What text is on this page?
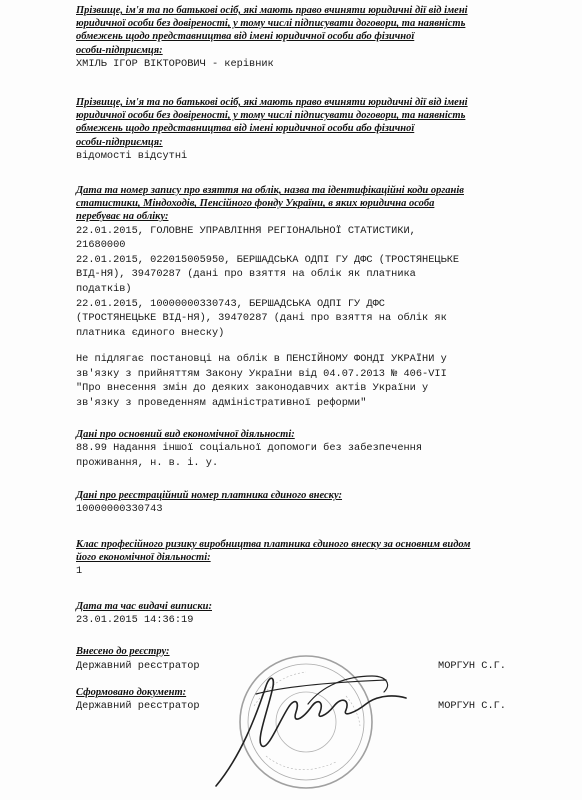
Прізвище, ім'я та по батькові осіб, які мають право вчиняти юридичні дії від імені
юридичної особи без довіреності, у тому числі підписувати договори, та наявність
обмежень щодо представництва від імені юридичної особи або фізичної
особи-підприємця:
ХМІЛЬ ІГОР ВІКТОРОВИЧ - керівник
Прізвище, ім'я та по батькові осіб, які мають право вчиняти юридичні дії від імені
юридичної особи без довіреності, у тому числі підписувати договори, та наявність
обмежень щодо представництва від імені юридичної особи або фізичної
особи-підприємця:
відомості відсутні
Дата та номер запису про взяття на облік, назва та ідентифікаційні коди органів
статистики, Міндоходів, Пенсійного фонду України, в яких юридична особа
перебуває на обліку:
22.01.2015, ГОЛОВНЕ УПРАВЛІННЯ РЕГІОНАЛЬНОЇ СТАТИСТИКИ,
21680000
22.01.2015, 022015005950, БЕРШАДСЬКА ОДПІ ГУ ДФС (ТРОСТЯНЕЦЬКЕ
ВІД-НЯ), 39470287 (дані про взяття на облік як платника
податків)
22.01.2015, 10000000330743, БЕРШАДСЬКА ОДПІ ГУ ДФС
(ТРОСТЯНЕЦЬКЕ ВІД-НЯ), 39470287 (дані про взяття на облік як
платника єдиного внеску)
Не підлягає постановці на облік в ПЕНСІЙНОМУ ФОНДІ УКРАЇНИ у
зв'язку з прийняттям Закону України від 04.07.2013 № 406-VII
"Про внесення змін до деяких законодавчих актів України у
зв'язку з проведенням адміністративної реформи"
Дані про основний вид економічної діяльності:
88.99 Надання іншої соціальної допомоги без забезпечення
проживання, н. в. і. у.
Дані про реєстраційний номер платника єдиного внеску:
10000000330743
Клас професійного ризику виробництва платника єдиного внеску за основним видом
його економічної діяльності:
1
Дата та час видачі виписки:
23.01.2015 14:36:19
Внесено до реєстру:
Державний реєстратор	МОРГУН С.Г.
Сформовано документ:
Державний реєстратор	МОРГУН С.Г.
